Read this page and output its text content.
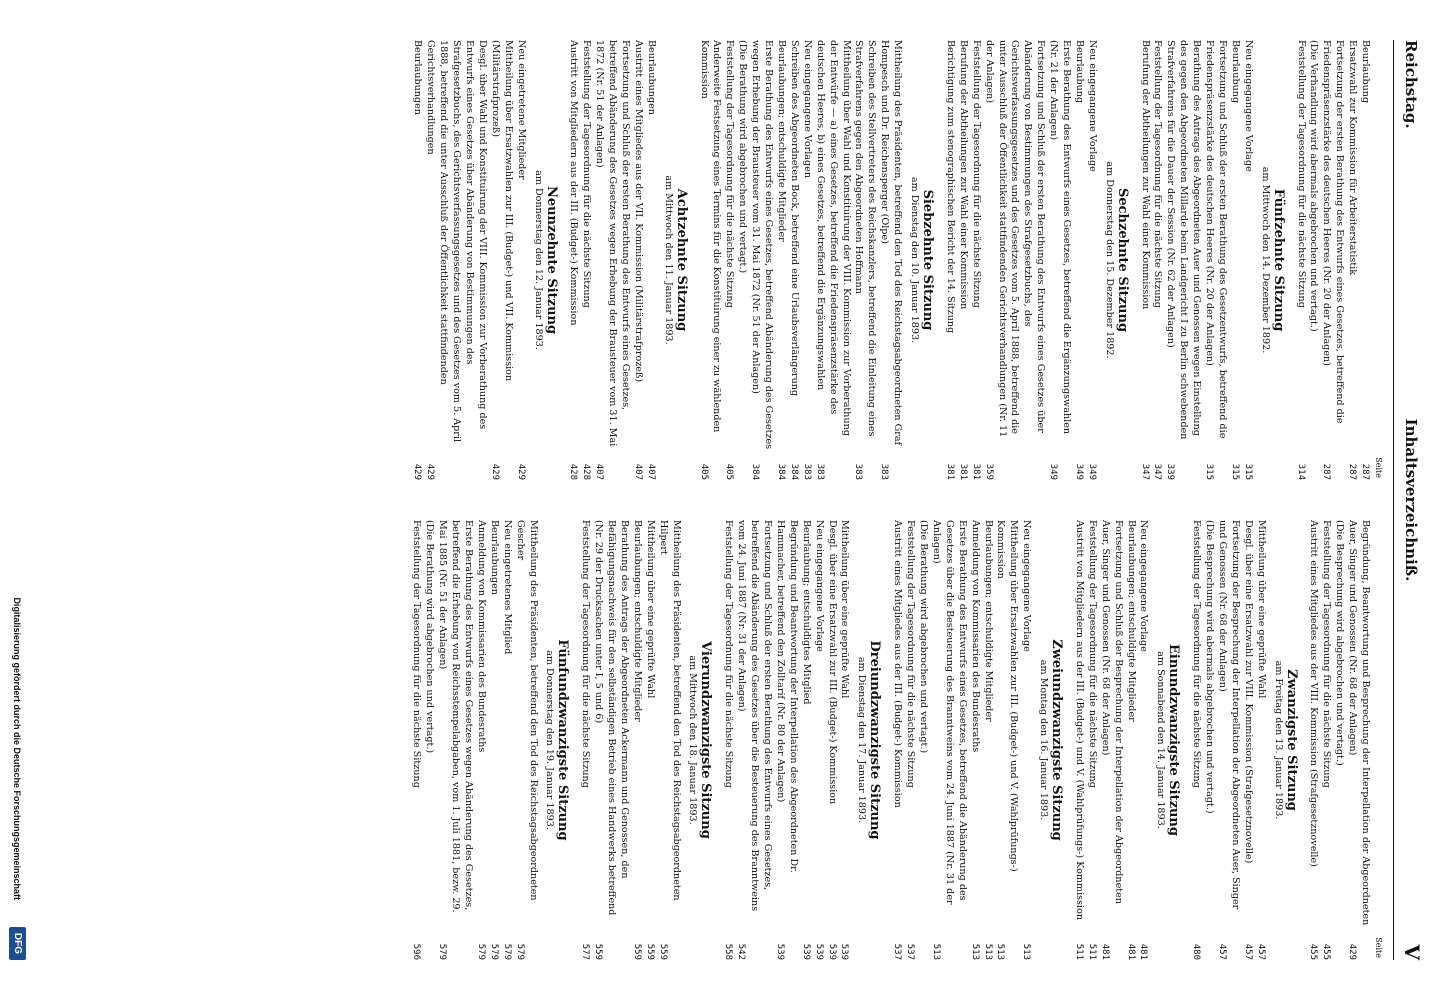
Reichstag.
Inhaltsverzeichniß.
V
Seite
Beurlaubung
287
Ersatzwahl zur Kommission für Arbeiterstatistik
287
Fortsetzung der ersten Berathung des Entwurfs eines Gesetzes, betreffend die Friedenspräsenzstärke des deutschen Heeres (Nr. 20 der Anlagen)
287
(Die Verhandlung wird abermals abgebrochen und vertagt.)
Feststellung der Tagesordnung für die nächste Sitzung
314
Fünfzehnte Sitzung
am Mittwoch den 14. Dezember 1892.
Neu eingegangene Vorlage
315
Beurlaubung
315
Fortsetzung und Schluß der ersten Berathung des Gesetzentwurfs, betreffend die Friedenspräsenzstärke des deutschen Heeres (Nr. 20 der Anlagen)
315
Berathung des Antrags des Abgeordneten Auer und Genossen wegen Einstellung des gegen den Abgeordneten Millarde beim Landgericht I zu Berlin schwebenden Strafverfahrens für die Dauer der Session (Nr. 62 der Anlagen)
339
Feststellung der Tagesordnung für die nächste Sitzung
347
Berufung der Abtheilungen zur Wahl einer Kommission
347
Sechzehnte Sitzung
am Donnerstag den 15. Dezember 1892.
Neu eingegangene Vorlage
349
Beurlaubung
349
Erste Berathung des Entwurfs eines Gesetzes, betreffend die Ergänzungswahlen (Nr. 21 der Anlagen)
349
Fortsetzung und Schluß der ersten Berathung des Entwurfs eines Gesetzes über Abänderung von Bestimmungen des Strafgesetzbuchs, des Gerichtsverfassungsgesetzes und des Gesetzes vom 5. April 1888, betreffend die unter Ausschluß der Öffentlichkeit stattfindenden Gerichtsverhandlungen (Nr. 11 der Anlagen)
359
Feststellung der Tagesordnung für die nächste Sitzung
381
Berufung der Abtheilungen zur Wahl einer Kommission
381
Berichtigung zum stenographischen Bericht der 14. Sitzung
381
Siebzehnte Sitzung
am Dienstag den 10. Januar 1893.
Mittheilung des Präsidenten, betreffend den Tod des Reichstagsabgeordneten Graf Hompesch und Dr. Reichensperger (Olpe)
383
Schreiben des Stellvertreters des Reichskanzlers, betreffend die Einleitung eines Strafverfahrens gegen den Abgeordneten Hoffmann
383
Mittheilung über Wahl und Konstituirung der VIII. Kommission zur Vorberathung der Entwürfe — a) eines Gesetzes, betreffend die Friedenspräsenzstärke des deutschen Heeres, b) eines Gesetzes, betreffend die Ergänzungswahlen
383
Neu eingegangene Vorlagen
383
Schreiben des Abgeordneten Bock, betreffend eine Urlaubsverlängerung
384
Beurlaubungen; entschuldigte Mitglieder
384
Erste Berathung des Entwurfs eines Gesetzes, betreffend Abänderung des Gesetzes wegen Erhebung der Brausteuer vom 31. Mai 1872 (Nr. 51 der Anlagen)
384
(Die Berathung wird abgebrochen und vertagt.)
Feststellung der Tagesordnung für die nächste Sitzung
405
Anderweite Festsetzung eines Termins für die Konstituirung einer zu wählenden Kommission
405
Achtzehnte Sitzung
am Mittwoch den 11. Januar 1893.
Beurlaubungen
407
Austritt eines Mitgliedes aus der VII. Kommission (Militärstrafprozeß)
407
Fortsetzung und Schluß der ersten Berathung des Entwurfs eines Gesetzes, betreffend Abänderung des Gesetzes wegen Erhebung der Brausteuer vom 31. Mai 1872 (Nr. 51 der Anlagen)
407
Feststellung der Tagesordnung für die nächste Sitzung
428
Austritt von Mitgliedern aus der III. (Budget-) Kommission
428
Neunzehnte Sitzung
am Donnerstag den 12. Januar 1893.
Neu eingetretene Mitglieder
429
Mittheilung über Ersatzwahlen zur III. (Budget-) und VII. Kommission (Militärstrafprozeß)
429
Desgl. über Wahl und Konstituirung der VIII. Kommission zur Vorberathung des Entwurfs eines Gesetzes über Abänderung von Bestimmungen des Strafgesetzbuchs, des Gerichtsverfassungsgesetzes und des Gesetzes vom 5. April 1888, betreffend die unter Ausschluß der Öffentlichkeit stattfindenden Gerichtsverhandlungen
429
Beurlaubungen
429
Seite
Begründung, Beantwortung und Besprechung der Interpellation der Abgeordneten Auer, Singer und Genossen (Nr. 68 der Anlagen)
429
(Die Besprechung wird abgebrochen und vertagt.)
Feststellung der Tagesordnung für die nächste Sitzung
455
Austritt eines Mitgliedes aus der VIII. Kommission (Strafgesetznovelle)
455
Zwanzigste Sitzung
am Freitag den 13. Januar 1893.
Mittheilung über eine geprüfte Wahl
457
Desgl. über eine Ersatzwahl zur VIII. Kommission (Strafgesetznovelle)
457
Fortsetzung der Besprechung der Interpellation der Abgeordneten Auer, Singer und Genossen (Nr. 68 der Anlagen)
457
(Die Besprechung wird abermals abgebrochen und vertagt.)
Feststellung der Tagesordnung für die nächste Sitzung
480
Einundzwanzigste Sitzung
am Sonnabend den 14. Januar 1893.
Neu eingegangene Vorlage
481
Beurlaubungen; entschuldigte Mitglieder
481
Fortsetzung und Schluß der Besprechung der Interpellation der Abgeordneten Auer, Singer und Genossen (Nr. 68 der Anlagen)
481
Feststellung der Tagesordnung für die nächste Sitzung
511
Austritt von Mitgliedern aus der III. (Budget-) und V. (Wahlprüfungs-) Kommission
511
Zweiundzwanzigste Sitzung
am Montag den 16. Januar 1893.
Neu eingegangene Vorlage
513
Mittheilung über Ersatzwahlen zur III. (Budget-) und V. (Wahlprüfungs-) Kommission
513
Beurlaubungen; entschuldigte Mitglieder
513
Anmeldung von Kommissarien des Bundesraths
513
Erste Berathung des Entwurfs eines Gesetzes, betreffend die Abänderung des Gesetzes über die Besteuerung des Branntweins vom 24. Juni 1887 (Nr. 31 der Anlagen)
513
(Die Berathung wird abgebrochen und vertagt.)
Feststellung der Tagesordnung für die nächste Sitzung
537
Austritt eines Mitgliedes aus der III. (Budget-) Kommission
537
Dreiundzwanzigste Sitzung
am Dienstag den 17. Januar 1893.
Mittheilung über eine geprüfte Wahl
539
Desgl. über eine Ersatzwahl zur III. (Budget-) Kommission
539
Neu eingegangene Vorlage
539
Beurlaubung; entschuldigtes Mitglied
539
Begründung und Beantwortung der Interpellation des Abgeordneten Dr. Hammacher, betreffend den Zolltarif (Nr. 80 der Anlagen)
539
Fortsetzung und Schluß der ersten Berathung des Entwurfs eines Gesetzes, betreffend die Abänderung des Gesetzes über die Besteuerung des Branntweins vom 24. Juni 1887 (Nr. 31 der Anlagen)
542
Feststellung der Tagesordnung für die nächste Sitzung
558
Vierundzwanzigste Sitzung
am Mittwoch den 18. Januar 1893.
Mittheilung des Präsidenten, betreffend den Tod des Reichstagsabgeordneten Hilpert
559
Mittheilung über eine geprüfte Wahl
559
Beurlaubungen; entschuldigte Mitglieder
559
Berathung des Antrags der Abgeordneten Ackermann und Genossen, den Befähigungsnachweis für den selbständigen Betrieb eines Handwerks betreffend (Nr. 29 der Drucksachen unter I, 5 und 6)
559
Feststellung der Tagesordnung für die nächste Sitzung
577
Fünfundzwanzigste Sitzung
am Donnerstag den 19. Januar 1893.
Mittheilung des Präsidenten, betreffend den Tod des Reichstagsabgeordneten Gescher
579
Neu eingetretenes Mitglied
579
Beurlaubungen
579
Anmeldung von Kommissarien des Bundesraths
579
Erste Berathung des Entwurfs eines Gesetzes wegen Abänderung des Gesetzes, betreffend die Erhebung von Reichsstempelabgaben, vom 1. Juli 1881, bezw. 29. Mai 1885 (Nr. 51 der Anlagen)
579
(Die Berathung wird abgebrochen und vertagt.)
Feststellung der Tagesordnung für die nächste Sitzung
596
Digitalisierung gefördert durch die Deutsche Forschungsgemeinschaft
DFG
